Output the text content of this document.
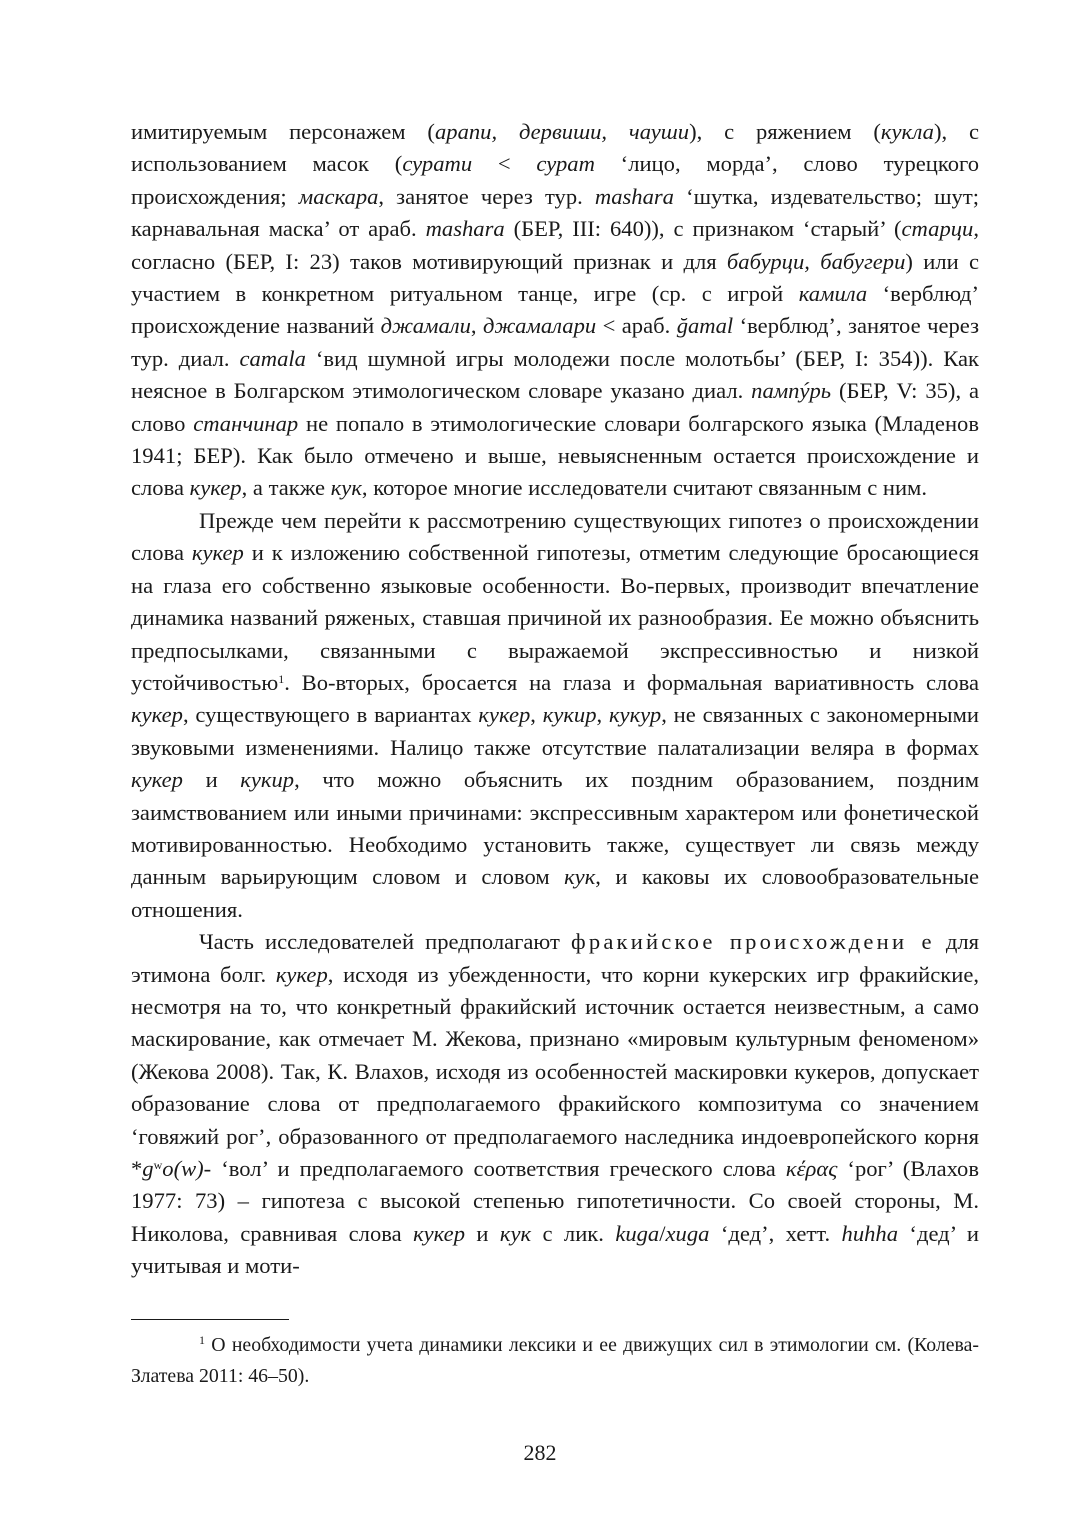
имитируемым персонажем (арапи, дервиши, чауши), с ряжением (кукла), с использованием масок (сурати < сурат ‘лицо, морда’, слово турецкого происхождения; маскара, занятое через тур. mashara ‘шутка, издевательство; шут; карнавальная маска’ от араб. mashara (БЕР, III: 640)), с признаком ‘старый’ (старци, согласно (БЕР, I: 23) таков мотивирующий признак и для бабурци, бабугери) или с участием в конкретном ритуальном танце, игре (ср. с игрой камила ‘верблюд’ происхождение названий джамали, джамалари < араб. ğamal ‘верблюд’, занятое через тур. диал. camala ‘вид шумной игры молодежи после молотьбы’ (БЕР, I: 354)). Как неясное в Болгарском этимологическом словаре указано диал. пампýрь (БЕР, V: 35), а слово станчинар не попало в этимологические словари болгарского языка (Младенов 1941; БЕР). Как было отмечено и выше, невыясненным остается происхождение и слова кукер, а также кук, которое многие исследователи считают связанным с ним.

Прежде чем перейти к рассмотрению существующих гипотез о происхождении слова кукер и к изложению собственной гипотезы, отметим следующие бросающиеся на глаза его собственно языковые особенности. Во-первых, производит впечатление динамика названий ряженых, ставшая причиной их разнообразия. Ее можно объяснить предпосылками, связанными с выражаемой экспрессивностью и низкой устойчивостью$^1$. Во-вторых, бросается на глаза и формальная вариативность слова кукер, существующего в вариантах кукер, кукир, кукур, не связанных с закономерными звуковыми изменениями. Налицо также отсутствие палатализации веляра в формах кукер и кукир, что можно объяснить их поздним образованием, поздним заимствованием или иными причинами: экспрессивным характером или фонетической мотивированностью. Необходимо установить также, существует ли связь между данным варьирующим словом и словом кук, и каковы их словообразовательные отношения.

Часть исследователей предполагают фракийское происхождени е для этимона болг. кукер, исходя из убежденности, что корни кукерских игр фракийские, несмотря на то, что конкретный фракийский источник остается неизвестным, а само маскирование, как отмечает М. Жекова, признано «мировым культурным феноменом» (Жекова 2008). Так, К. Влахов, исходя из особенностей маскировки кукеров, допускает образование слова от предполагаемого фракийского композитума со значением ‘говяжий рог’, образованного от предполагаемого наследника индоевропейского корня $*g^wo(w)-$ ‘вол’ и предполагаемого соответствия греческого слова κέρας ‘рог’ (Влахов 1977: 73) – гипотеза с высокой степенью гипотетичности. Со своей стороны, М. Николова, сравнивая слова кукер и кук с лик. kuga/xuga ‘дед’, хетт. huhha ‘дед’ и учитывая и моти-

$^1$ О необходимости учета динамики лексики и ее движущих сил в этимологии см. (Колева-Златева 2011: 46–50).

282
